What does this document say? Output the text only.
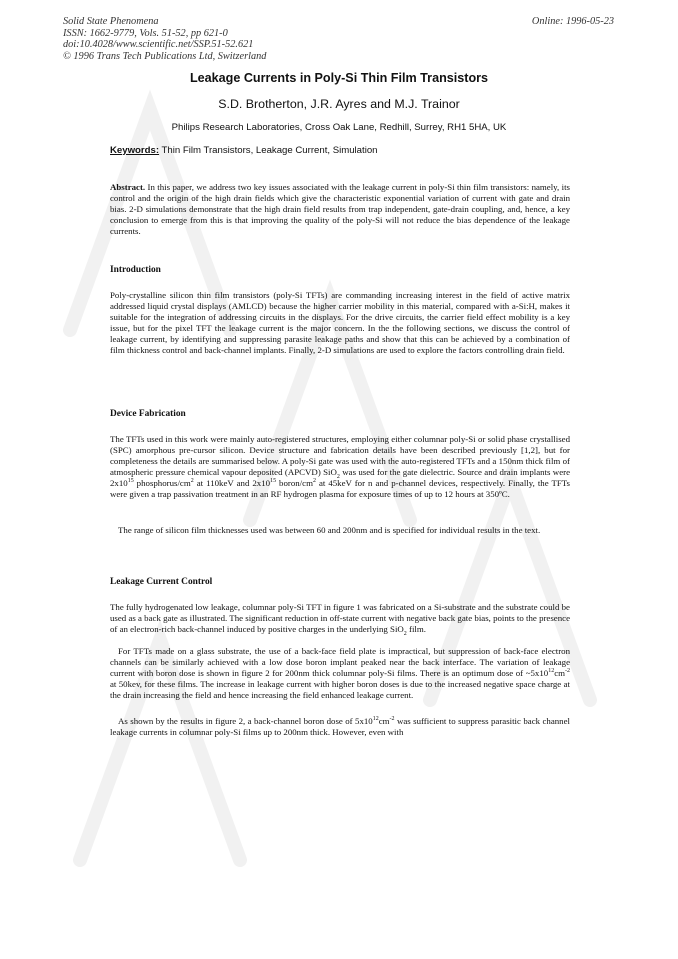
Solid State Phenomena
ISSN: 1662-9779, Vols. 51-52, pp 621-0
doi:10.4028/www.scientific.net/SSP.51-52.621
© 1996 Trans Tech Publications Ltd, Switzerland
Online: 1996-05-23
Leakage Currents in Poly-Si Thin Film Transistors
S.D. Brotherton, J.R. Ayres and M.J. Trainor
Philips Research Laboratories, Cross Oak Lane, Redhill, Surrey, RH1 5HA, UK
Keywords: Thin Film Transistors, Leakage Current, Simulation

Abstract. In this paper, we address two key issues associated with the leakage current in poly-Si thin film transistors: namely, its control and the origin of the high drain fields which give the characteristic exponential variation of current with gate and drain bias. 2-D simulations demonstrate that the high drain field results from trap independent, gate-drain coupling, and, hence, a key conclusion to emerge from this is that improving the quality of the poly-Si will not reduce the bias dependence of the leakage currents.

Introduction

Poly-crystalline silicon thin film transistors (poly-Si TFTs) are commanding increasing interest in the field of active matrix addressed liquid crystal displays (AMLCD) because the higher carrier mobility in this material, compared with a-Si:H, makes it suitable for the integration of addressing circuits in the displays. For the drive circuits, the carrier field effect mobility is a key issue, but for the pixel TFT the leakage current is the major concern. In the the following sections, we discuss the control of leakage current, by identifying and suppressing parasite leakage paths and show that this can be achieved by a combination of film thickness control and back-channel implants. Finally, 2-D simulations are used to explore the factors controlling drain field.

Device Fabrication

The TFTs used in this work were mainly auto-registered structures, employing either columnar poly-Si or solid phase crystallised (SPC) amorphous pre-cursor silicon. Device structure and fabrication details have been described previously [1,2], but for completeness the details are summarised below. A poly-Si gate was used with the auto-registered TFTs and a 150nm thick film of atmospheric pressure chemical vapour deposited (APCVD) SiO$_2$ was used for the gate dielectric. Source and drain implants were $2x10^{15}$ phosphorus/$cm^2$ at 110keV and $2x10^{15}$ boron/$cm^2$ at 45keV for n and p-channel devices, respectively. Finally, the TFTs were given a trap passivation treatment in an RF hydrogen plasma for exposure times of up to 12 hours at 350ºC.

The range of silicon film thicknesses used was between 60 and 200nm and is specified for individual results in the text.

Leakage Current Control

The fully hydrogenated low leakage, columnar poly-Si TFT in figure 1 was fabricated on a Si-substrate and the substrate could be used as a back gate as illustrated. The significant reduction in off-state current with negative back gate bias, points to the presence of an electron-rich back-channel induced by positive charges in the underlying SiO$_2$ film.

For TFTs made on a glass substrate, the use of a back-face field plate is impractical, but suppression of back-face electron channels can be similarly achieved with a low dose boron implant peaked near the back interface. The variation of leakage current with boron dose is shown in figure 2 for 200nm thick columnar poly-Si films. There is an optimum dose of $\sim 5x10^{12}cm^{-2}$ at 50kev, for these films. The increase in leakage current with higher boron doses is due to the increased negative space charge at the drain increasing the field and hence increasing the field enhanced leakage current.

As shown by the results in figure 2, a back-channel boron dose of $5x10^{12}cm^{-2}$ was sufficient to suppress parasitic back channel leakage currents in columnar poly-Si films up to 200nm thick. However, even with
